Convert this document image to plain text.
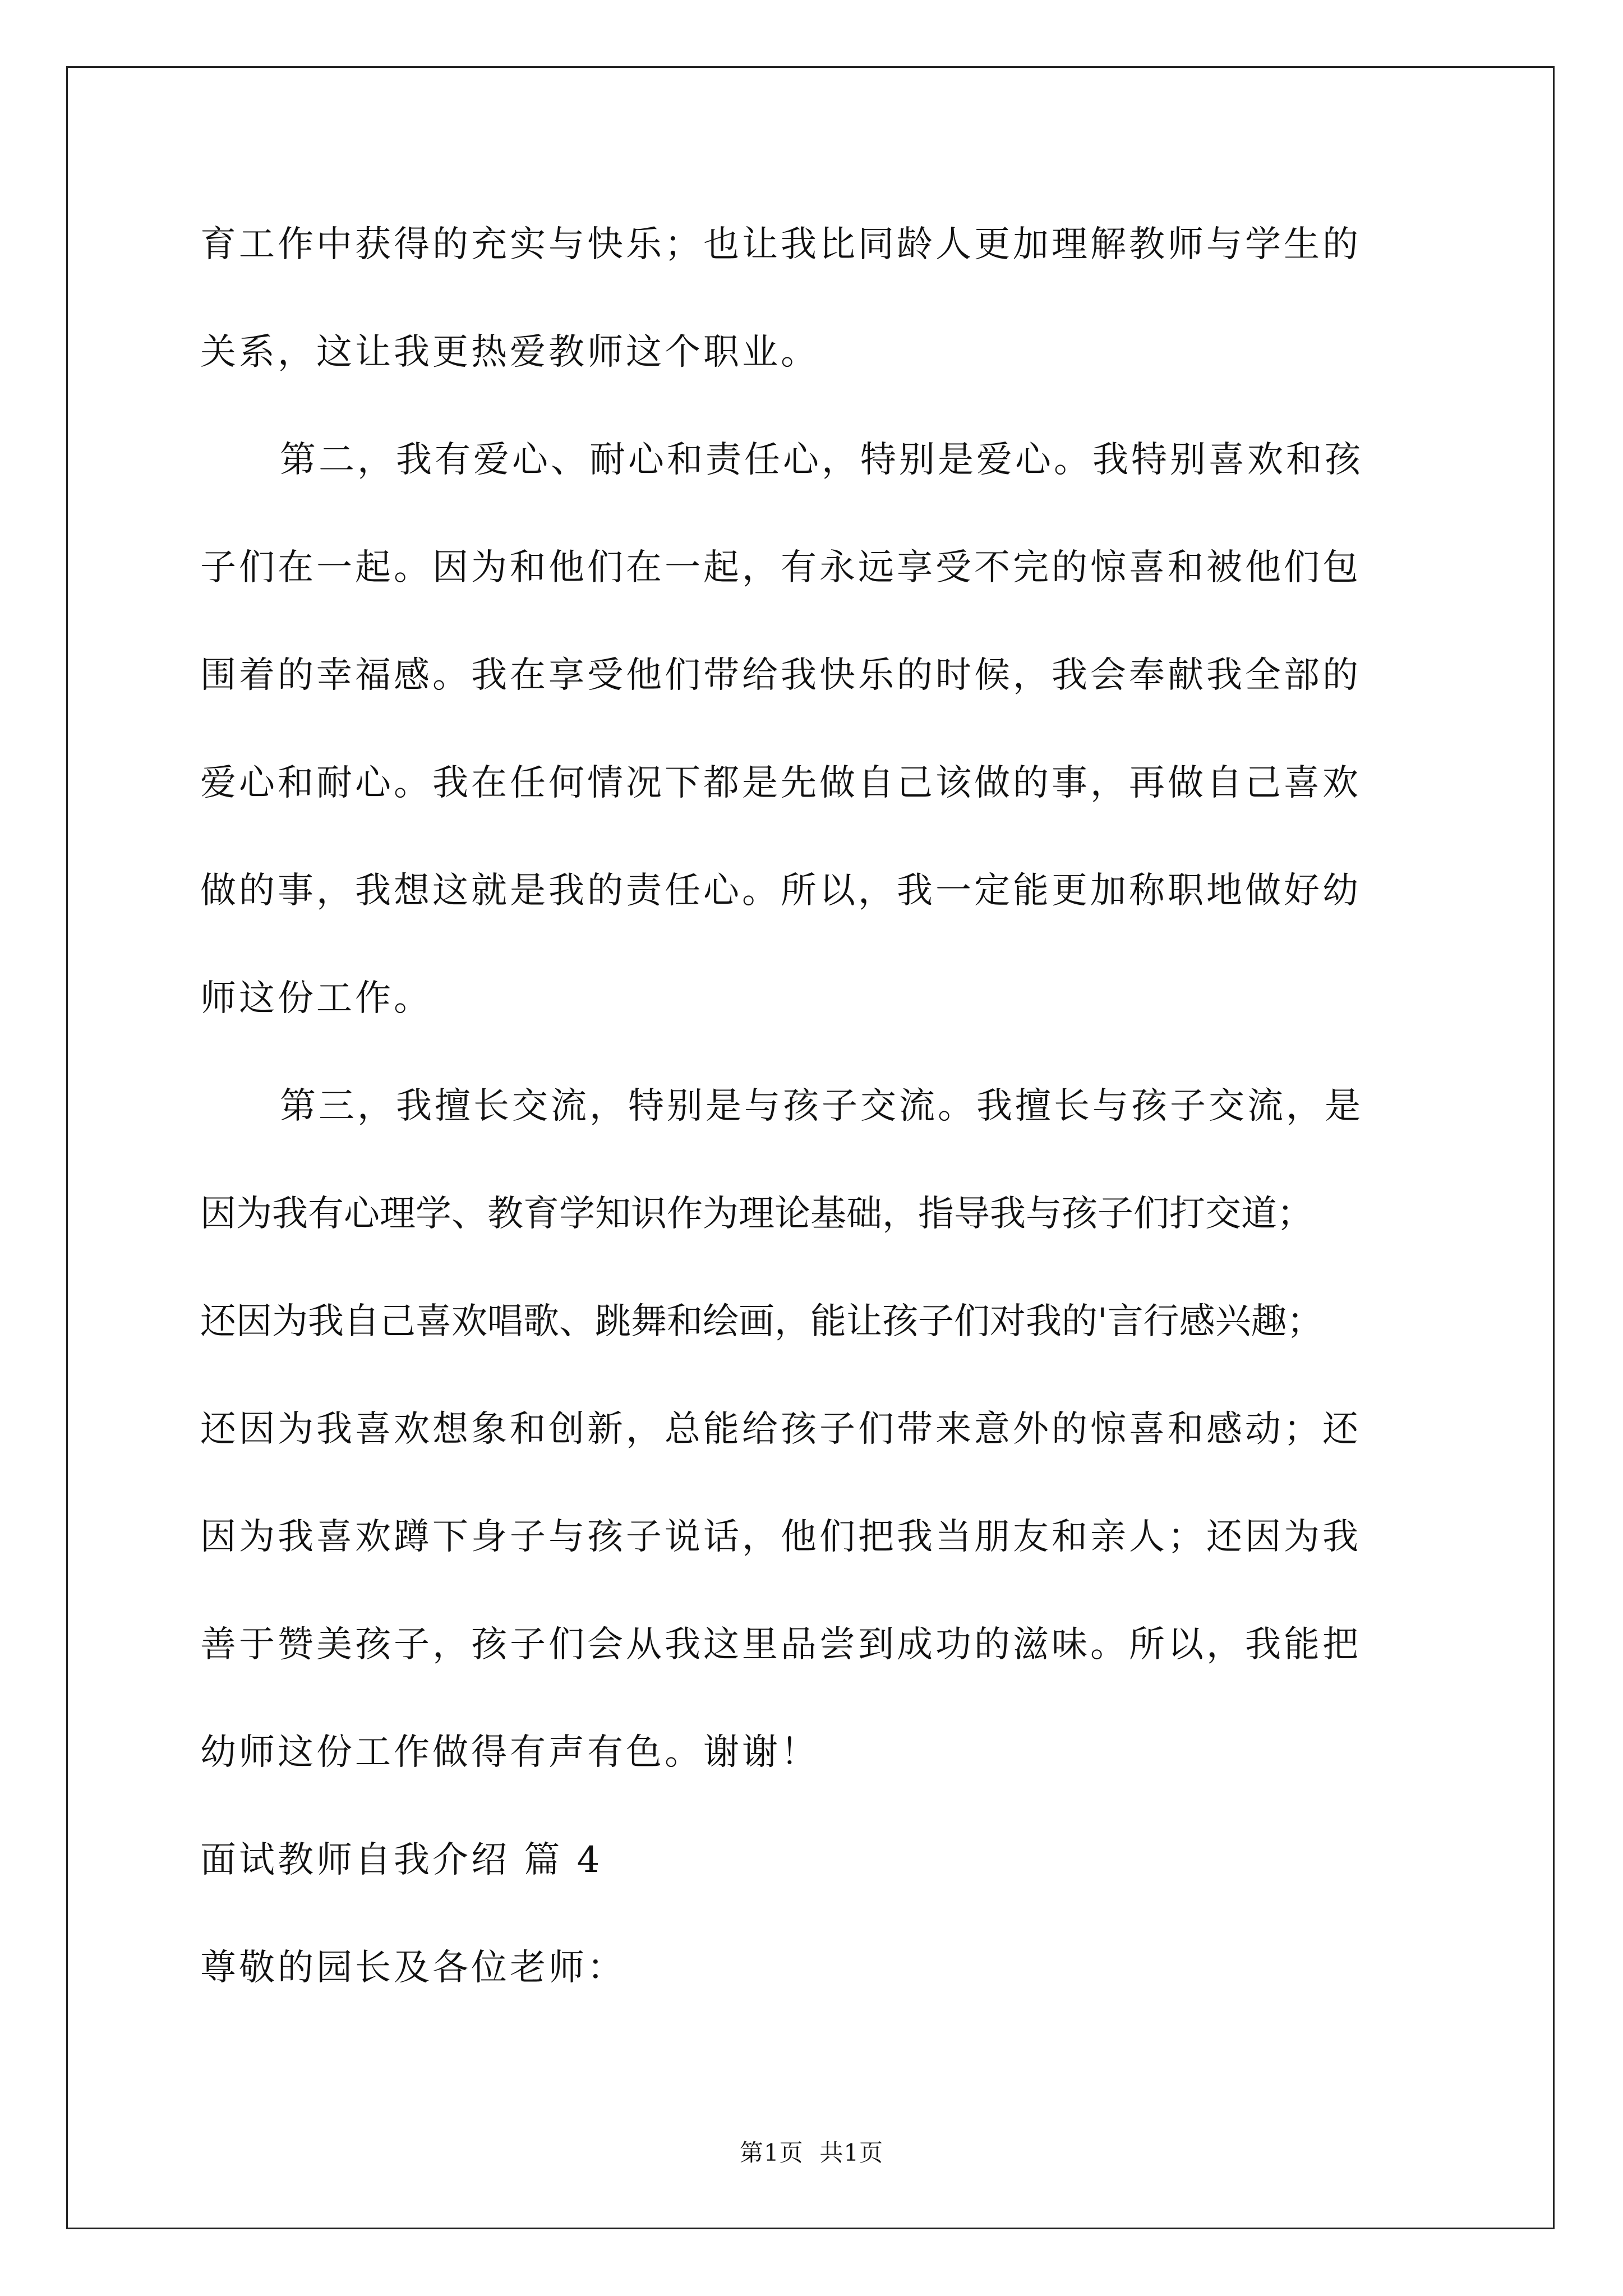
育工作中获得的充实与快乐；也让我比同龄人更加理解教师与学生的
关系，这让我更热爱教师这个职业。
第二，我有爱心、耐心和责任心，特别是爱心。我特别喜欢和孩
子们在一起。因为和他们在一起，有永远享受不完的惊喜和被他们包
围着的幸福感。我在享受他们带给我快乐的时候，我会奉献我全部的
爱心和耐心。我在任何情况下都是先做自己该做的事，再做自己喜欢
做的事，我想这就是我的责任心。所以，我一定能更加称职地做好幼
师这份工作。
第三，我擅长交流，特别是与孩子交流。我擅长与孩子交流，是
因为我有心理学、教育学知识作为理论基础，指导我与孩子们打交道；
还因为我自己喜欢唱歌、跳舞和绘画，能让孩子们对我的'言行感兴趣；
还因为我喜欢想象和创新，总能给孩子们带来意外的惊喜和感动；还
因为我喜欢蹲下身子与孩子说话，他们把我当朋友和亲人；还因为我
善于赞美孩子，孩子们会从我这里品尝到成功的滋味。所以，我能把
幼师这份工作做得有声有色。谢谢！
面试教师自我介绍 篇 4
尊敬的园长及各位老师：
第1页  共1页
